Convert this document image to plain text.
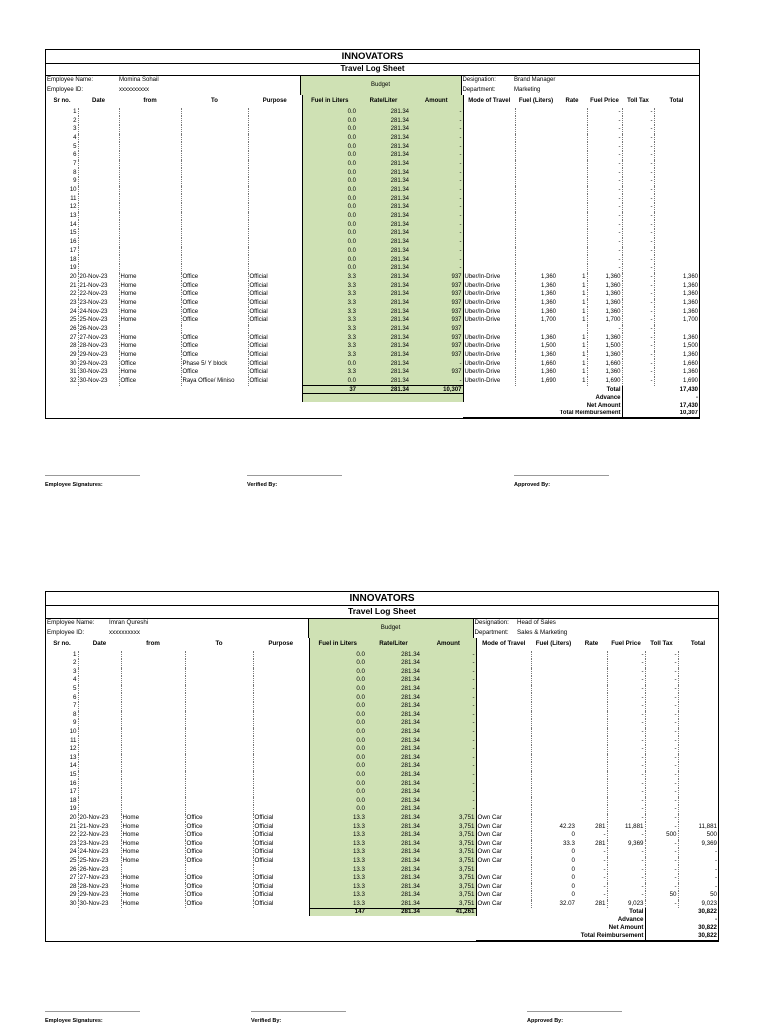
INNOVATORS
Travel Log Sheet
Employee Name:	Momina Sohail	Budget	Designation:	Brand Manager
Employee ID:	xxxxxxxxxx		Department:	Marketing
Sr no.	Date	from	To	Purpose	Fuel in Liters	Rate/Liter	Amount	Mode of Travel	Fuel (Liters)	Rate	Fuel Price	Toll Tax	Total
1					0.0	281.34	-				-	-	
2					0.0	281.34	-				-	-	
3					0.0	281.34	-				-	-	
4					0.0	281.34	-				-	-	
5					0.0	281.34	-				-	-	
6					0.0	281.34	-				-	-	
7					0.0	281.34	-				-	-	
8					0.0	281.34	-				-	-	
9					0.0	281.34	-				-	-	
10					0.0	281.34	-				-	-	
11					0.0	281.34	-				-	-	
12					0.0	281.34	-				-	-	
13					0.0	281.34	-				-	-	
14					0.0	281.34	-				-	-	
15					0.0	281.34	-				-	-	
16					0.0	281.34	-				-	-	
17					0.0	281.34	-				-	-	
18					0.0	281.34	-				-	-	
19					0.0	281.34	-				-	-	
20	20-Nov-23	Home	Office	Official	3.3	281.34	937	Uber/In-Drive	1,360	1	1,360	-	1,360
21	21-Nov-23	Home	Office	Official	3.3	281.34	937	Uber/In-Drive	1,360	1	1,360	-	1,360
22	22-Nov-23	Home	Office	Official	3.3	281.34	937	Uber/In-Drive	1,360	1	1,360	-	1,360
23	23-Nov-23	Home	Office	Official	3.3	281.34	937	Uber/In-Drive	1,360	1	1,360	-	1,360
24	24-Nov-23	Home	Office	Official	3.3	281.34	937	Uber/In-Drive	1,360	1	1,360	-	1,360
25	25-Nov-23	Home	Office	Official	3.3	281.34	937	Uber/In-Drive	1,700	1	1,700	-	1,700
26	26-Nov-23				3.3	281.34	937				-	-	
27	27-Nov-23	Home	Office	Official	3.3	281.34	937	Uber/In-Drive	1,360	1	1,360	-	1,360
28	28-Nov-23	Home	Office	Official	3.3	281.34	937	Uber/In-Drive	1,500	1	1,500	-	1,500
29	29-Nov-23	Home	Office	Official	3.3	281.34	937	Uber/In-Drive	1,360	1	1,360	-	1,360
30	29-Nov-23	Office	Phase 5/ Y block	Official	0.0	281.34	-	Uber/In-Drive	1,660	1	1,660	-	1,660
31	30-Nov-23	Home	Office	Official	3.3	281.34	937	Uber/In-Drive	1,360	1	1,360	-	1,360
32	30-Nov-23	Office	Raya Office/ Miniso	Official	0.0	281.34	-	Uber/In-Drive	1,690	1	1,690	-	1,690
					37	281.34	10,307	Total				17,430	
								Advance				-	
								Net Amount				17,430	
								Total Reimbursement				10,307	
Employee Signatures:	Verified By:	Approved By:
INNOVATORS
Travel Log Sheet
Employee Name:	Imran Qureshi	Budget	Designation:	Head of Sales
Employee ID:	xxxxxxxxxx		Department:	Sales & Marketing
Sr no.	Date	from	To	Purpose	Fuel in Liters	Rate/Liter	Amount	Mode of Travel	Fuel (Liters)	Rate	Fuel Price	Toll Tax	Total
1					0.0	281.34	-				-	-	
2					0.0	281.34	-				-	-	
3					0.0	281.34	-				-	-	
4					0.0	281.34	-				-	-	
5					0.0	281.34	-				-	-	
6					0.0	281.34	-				-	-	
7					0.0	281.34	-				-	-	
8					0.0	281.34	-				-	-	
9					0.0	281.34	-				-	-	
10					0.0	281.34	-				-	-	
11					0.0	281.34	-				-	-	
12					0.0	281.34	-				-	-	
13					0.0	281.34	-				-	-	
14					0.0	281.34	-				-	-	
15					0.0	281.34	-				-	-	
16					0.0	281.34	-				-	-	
17					0.0	281.34	-				-	-	
18					0.0	281.34	-				-	-	
19					0.0	281.34	-				-	-	
20	20-Nov-23	Home	Office	Official	13.3	281.34	3,751	Own Car			-	-	
21	21-Nov-23	Home	Office	Official	13.3	281.34	3,751	Own Car	42.23	281	11,881	-	11,881
22	22-Nov-23	Home	Office	Official	13.3	281.34	3,751	Own Car	0	-	-	500	500
23	23-Nov-23	Home	Office	Official	13.3	281.34	3,751	Own Car	33.3	281	9,369	-	9,369
24	24-Nov-23	Home	Office	Official	13.3	281.34	3,751	Own Car	0	-	-	-	-
25	25-Nov-23	Home	Office	Official	13.3	281.34	3,751	Own Car	0	-	-	-	-
26	26-Nov-23				13.3	281.34	3,751		0	-	-	-	-
27	27-Nov-23	Home	Office	Official	13.3	281.34	3,751	Own Car	0	-	-	-	-
28	28-Nov-23	Home	Office	Official	13.3	281.34	3,751	Own Car	0	-	-	-	-
29	29-Nov-23	Home	Office	Official	13.3	281.34	3,751	Own Car	0	-	-	50	50
30	30-Nov-23	Home	Office	Official	13.3	281.34	3,751	Own Car	32.07	281	9,023	-	9,023
					147	281.34	41,261	Total				30,822	
								Advance				-	
								Net Amount				30,822	
								Total Reimbursement				30,822	
Employee Signatures:	Verified By:	Approved By:
